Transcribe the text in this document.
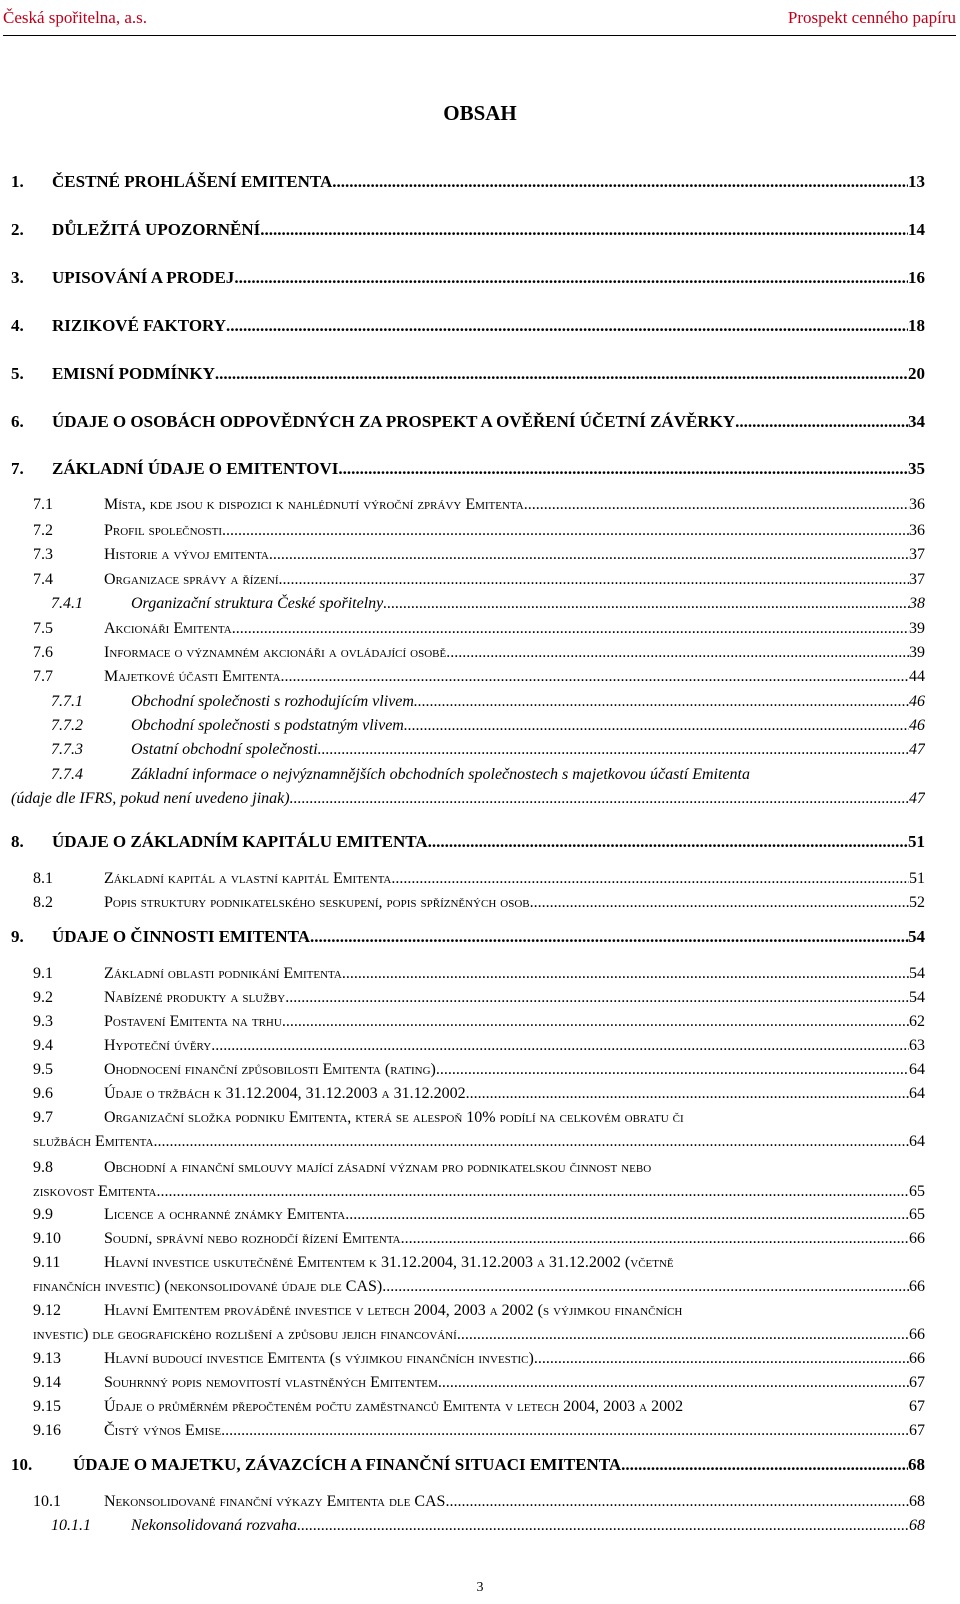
Česká spořitelna, a.s.	Prospekt cenného papíru
OBSAH
1.	ČESTNÉ PROHLÁŠENÍ EMITENTA .....	13
2.	DŮLEŽITÁ UPOZORNĚNÍ .....	14
3.	UPISOVÁNÍ A PRODEJ .....	16
4.	RIZIKOVÉ FAKTORY .....	18
5.	EMISNÍ PODMÍNKY .....	20
6.	ÚDAJE O OSOBÁCH ODPOVĚDNÝCH ZA PROSPEKT A OVĚŘENÍ ÚČETNÍ ZÁVĚRKY .....	34
7.	ZÁKLADNÍ ÚDAJE O EMITENTOVI .....	35
7.1	Místa, kde jsou k dispozici k nahlédnutí výroční zprávy Emitenta .....	36
7.2	Profil společnosti .....	36
7.3	Historie a vývoj emitenta .....	37
7.4	Organizace správy a řízení .....	37
7.4.1	Organizační struktura České spořitelny .....	38
7.5	Akcionáři Emitenta .....	39
7.6	Informace o významném akcionáři a ovládající osobě .....	39
7.7	Majetkové účasti Emitenta .....	44
7.7.1	Obchodní společnosti s rozhodujícím vlivem .....	46
7.7.2	Obchodní společnosti s podstatným vlivem .....	46
7.7.3	Ostatní obchodní společnosti .....	47
7.7.4	Základní informace o nejvýznamnějších obchodních společnostech s majetkovou účastí Emitenta
(údaje dle IFRS, pokud není uvedeno jinak) .....	47
8.	ÚDAJE O ZÁKLADNÍM KAPITÁLU EMITENTA .....	51
8.1	Základní kapitál a vlastní kapitál Emitenta .....	51
8.2	Popis struktury podnikatelského seskupení, popis spřízněných osob .....	52
9.	ÚDAJE O ČINNOSTI EMITENTA .....	54
9.1	Základní oblasti podnikání Emitenta .....	54
9.2	Nabízené produkty a služby .....	54
9.3	Postavení Emitenta na trhu .....	62
9.4	Hypoteční úvěry .....	63
9.5	Ohodnocení finanční způsobilosti Emitenta (rating) .....	64
9.6	Údaje o tržbách k 31.12.2004, 31.12.2003 a 31.12.2002 .....	64
9.7	Organizační složka podniku Emitenta, která se alespoň 10% podílí na celkovém obratu či
službách Emitenta .....	64
9.8	Obchodní a finanční smlouvy mající zásadní význam pro podnikatelskou činnost nebo
ziskovost Emitenta .....	65
9.9	Licence a ochranné známky Emitenta .....	65
9.10	Soudní, správní nebo rozhodčí řízení Emitenta .....	66
9.11	Hlavní investice uskutečněné Emitentem k 31.12.2004, 31.12.2003 a 31.12.2002 (včetně
finančních investic) (nekonsolidované údaje dle CAS) .....	66
9.12	Hlavní Emitentem prováděné investice v letech 2004, 2003 a 2002 (s výjimkou finančních
investic) dle geografického rozlišení a způsobu jejich financování .....	66
9.13	Hlavní budoucí investice Emitenta (s výjimkou finančních investic) .....	66
9.14	Souhrnný popis nemovitostí vlastněných Emitentem .....	67
9.15	Údaje o průměrném přepočteném počtu zaměstnanců Emitenta v letech 2004, 2003 a 2002	67
9.16	Čistý výnos Emise .....	67
10.	ÚDAJE O MAJETKU, ZÁVAZCÍCH A FINANČNÍ SITUACI EMITENTA .....	68
10.1	Nekonsolidované finanční výkazy Emitenta dle CAS .....	68
10.1.1	Nekonsolidovaná rozvaha .....	68
3
